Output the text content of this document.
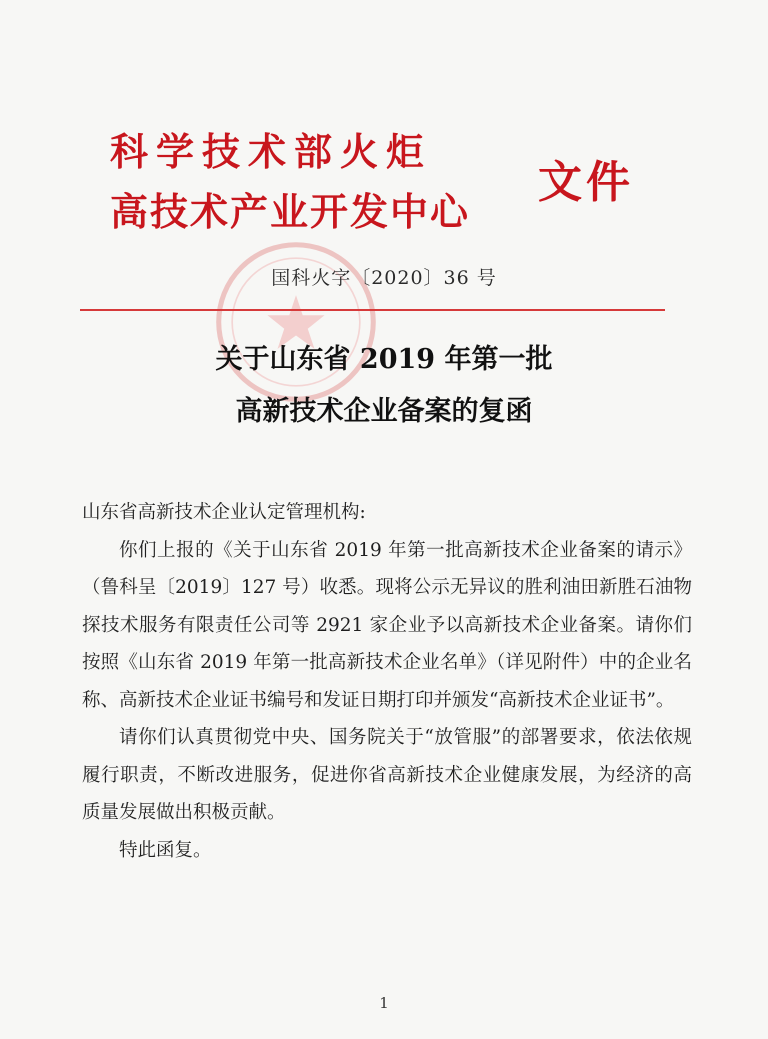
科学技术部火炬
高技术产业开发中心
文件
国科火字〔2020〕36 号
关于山东省 2019 年第一批
高新技术企业备案的复函

山东省高新技术企业认定管理机构:

你们上报的《关于山东省 2019 年第一批高新技术企业备案的请示》（鲁科呈〔2019〕127 号）收悉。现将公示无异议的胜利油田新胜石油物探技术服务有限责任公司等 2921 家企业予以高新技术企业备案。请你们按照《山东省 2019 年第一批高新技术企业名单》（详见附件）中的企业名称、高新技术企业证书编号和发证日期打印并颁发“高新技术企业证书”。

请你们认真贯彻党中央、国务院关于“放管服”的部署要求，依法依规履行职责，不断改进服务，促进你省高新技术企业健康发展，为经济的高质量发展做出积极贡献。

特此函复。

1
